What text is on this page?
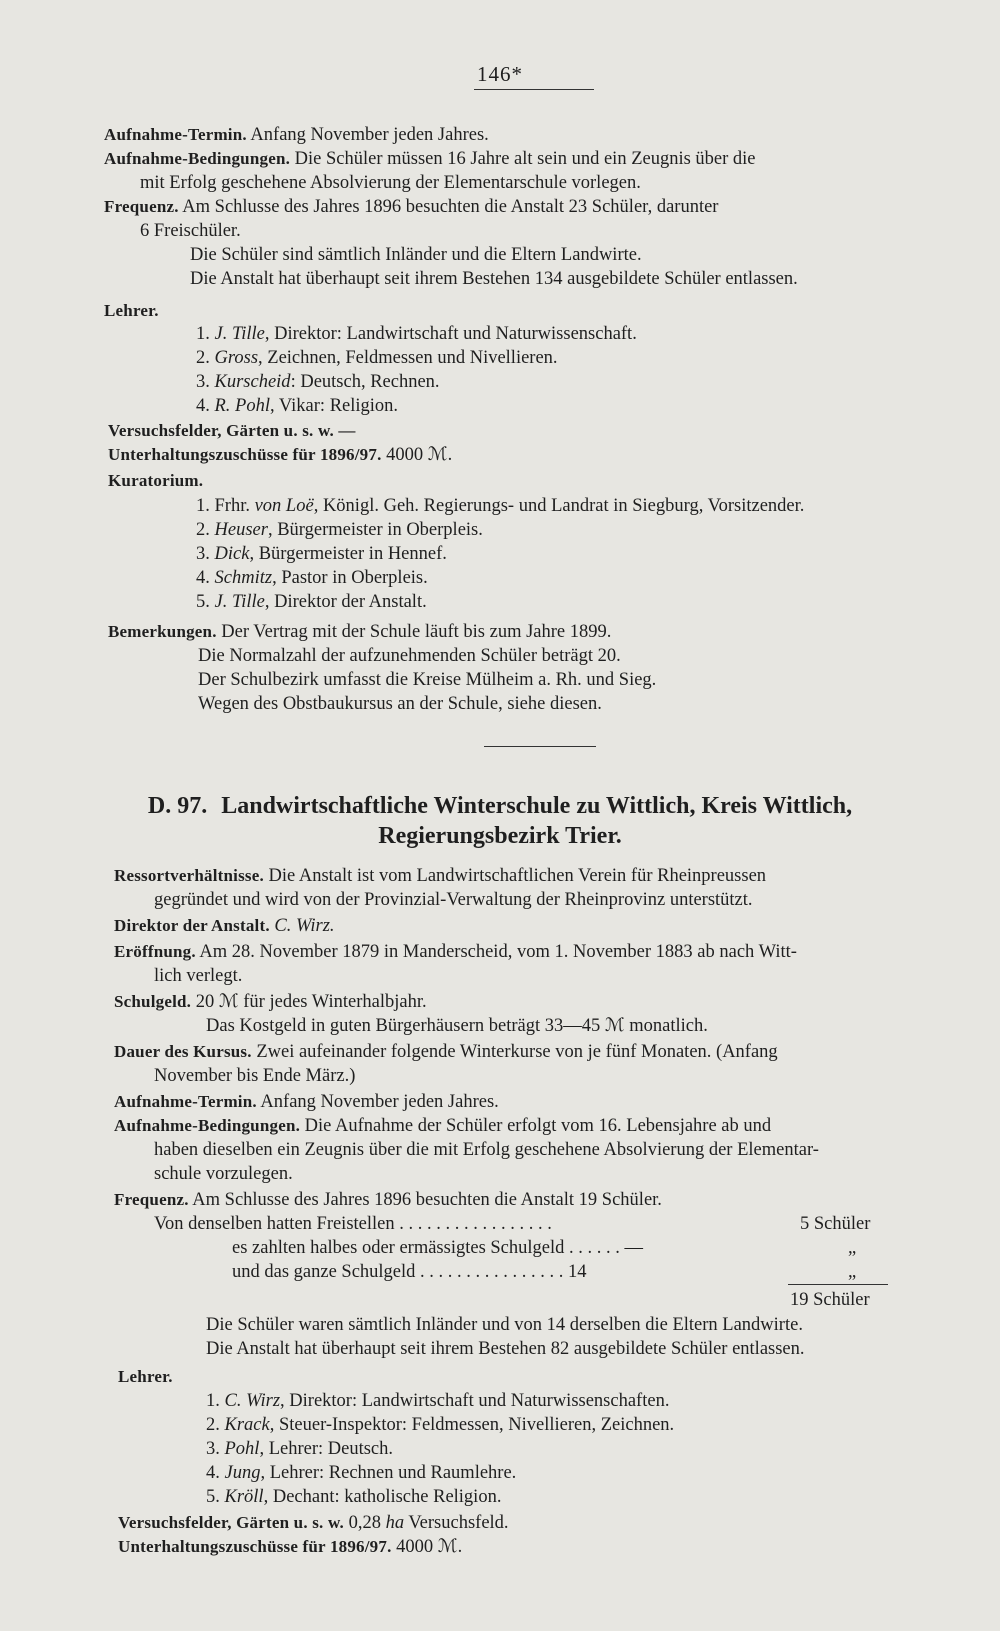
146*
Aufnahme-Termin. Anfang November jeden Jahres.
Aufnahme-Bedingungen. Die Schüler müssen 16 Jahre alt sein und ein Zeugnis über die
mit Erfolg geschehene Absolvierung der Elementarschule vorlegen.
Frequenz. Am Schlusse des Jahres 1896 besuchten die Anstalt 23 Schüler, darunter
6 Freischüler.
Die Schüler sind sämtlich Inländer und die Eltern Landwirte.
Die Anstalt hat überhaupt seit ihrem Bestehen 134 ausgebildete Schüler entlassen.
Lehrer.
1. J. Tille, Direktor: Landwirtschaft und Naturwissenschaft.
2. Gross, Zeichnen, Feldmessen und Nivellieren.
3. Kurscheid: Deutsch, Rechnen.
4. R. Pohl, Vikar: Religion.
Versuchsfelder, Gärten u. s. w. —
Unterhaltungszuschüsse für 1896/97. 4000 ℳ.
Kuratorium.
1. Frhr. von Loë, Königl. Geh. Regierungs- und Landrat in Siegburg, Vorsitzender.
2. Heuser, Bürgermeister in Oberpleis.
3. Dick, Bürgermeister in Hennef.
4. Schmitz, Pastor in Oberpleis.
5. J. Tille, Direktor der Anstalt.
Bemerkungen. Der Vertrag mit der Schule läuft bis zum Jahre 1899.
Die Normalzahl der aufzunehmenden Schüler beträgt 20.
Der Schulbezirk umfasst die Kreise Mülheim a. Rh. und Sieg.
Wegen des Obstbaukursus an der Schule, siehe diesen.
D. 97. Landwirtschaftliche Winterschule zu Wittlich, Kreis Wittlich,
Regierungsbezirk Trier.
Ressortverhältnisse. Die Anstalt ist vom Landwirtschaftlichen Verein für Rheinpreussen
gegründet und wird von der Provinzial-Verwaltung der Rheinprovinz unterstützt.
Direktor der Anstalt. C. Wirz.
Eröffnung. Am 28. November 1879 in Manderscheid, vom 1. November 1883 ab nach Witt-
lich verlegt.
Schulgeld. 20 ℳ für jedes Winterhalbjahr.
Das Kostgeld in guten Bürgerhäusern beträgt 33—45 ℳ monatlich.
Dauer des Kursus. Zwei aufeinander folgende Winterkurse von je fünf Monaten. (Anfang
November bis Ende März.)
Aufnahme-Termin. Anfang November jeden Jahres.
Aufnahme-Bedingungen. Die Aufnahme der Schüler erfolgt vom 16. Lebensjahre ab und
haben dieselben ein Zeugnis über die mit Erfolg geschehene Absolvierung der Elementar-
schule vorzulegen.
Frequenz. Am Schlusse des Jahres 1896 besuchten die Anstalt 19 Schüler.
Von denselben hatten Freistellen . . . . . . . . . . . . . . . . .	5 Schüler
es zahlten halbes oder ermässigtes Schulgeld . . . . . . —	„
und das ganze Schulgeld . . . . . . . . . . . . . . . . 14	„
19 Schüler
Die Schüler waren sämtlich Inländer und von 14 derselben die Eltern Landwirte.
Die Anstalt hat überhaupt seit ihrem Bestehen 82 ausgebildete Schüler entlassen.
Lehrer.
1. C. Wirz, Direktor: Landwirtschaft und Naturwissenschaften.
2. Krack, Steuer-Inspektor: Feldmessen, Nivellieren, Zeichnen.
3. Pohl, Lehrer: Deutsch.
4. Jung, Lehrer: Rechnen und Raumlehre.
5. Kröll, Dechant: katholische Religion.
Versuchsfelder, Gärten u. s. w. 0,28 ha Versuchsfeld.
Unterhaltungszuschüsse für 1896/97. 4000 ℳ.
